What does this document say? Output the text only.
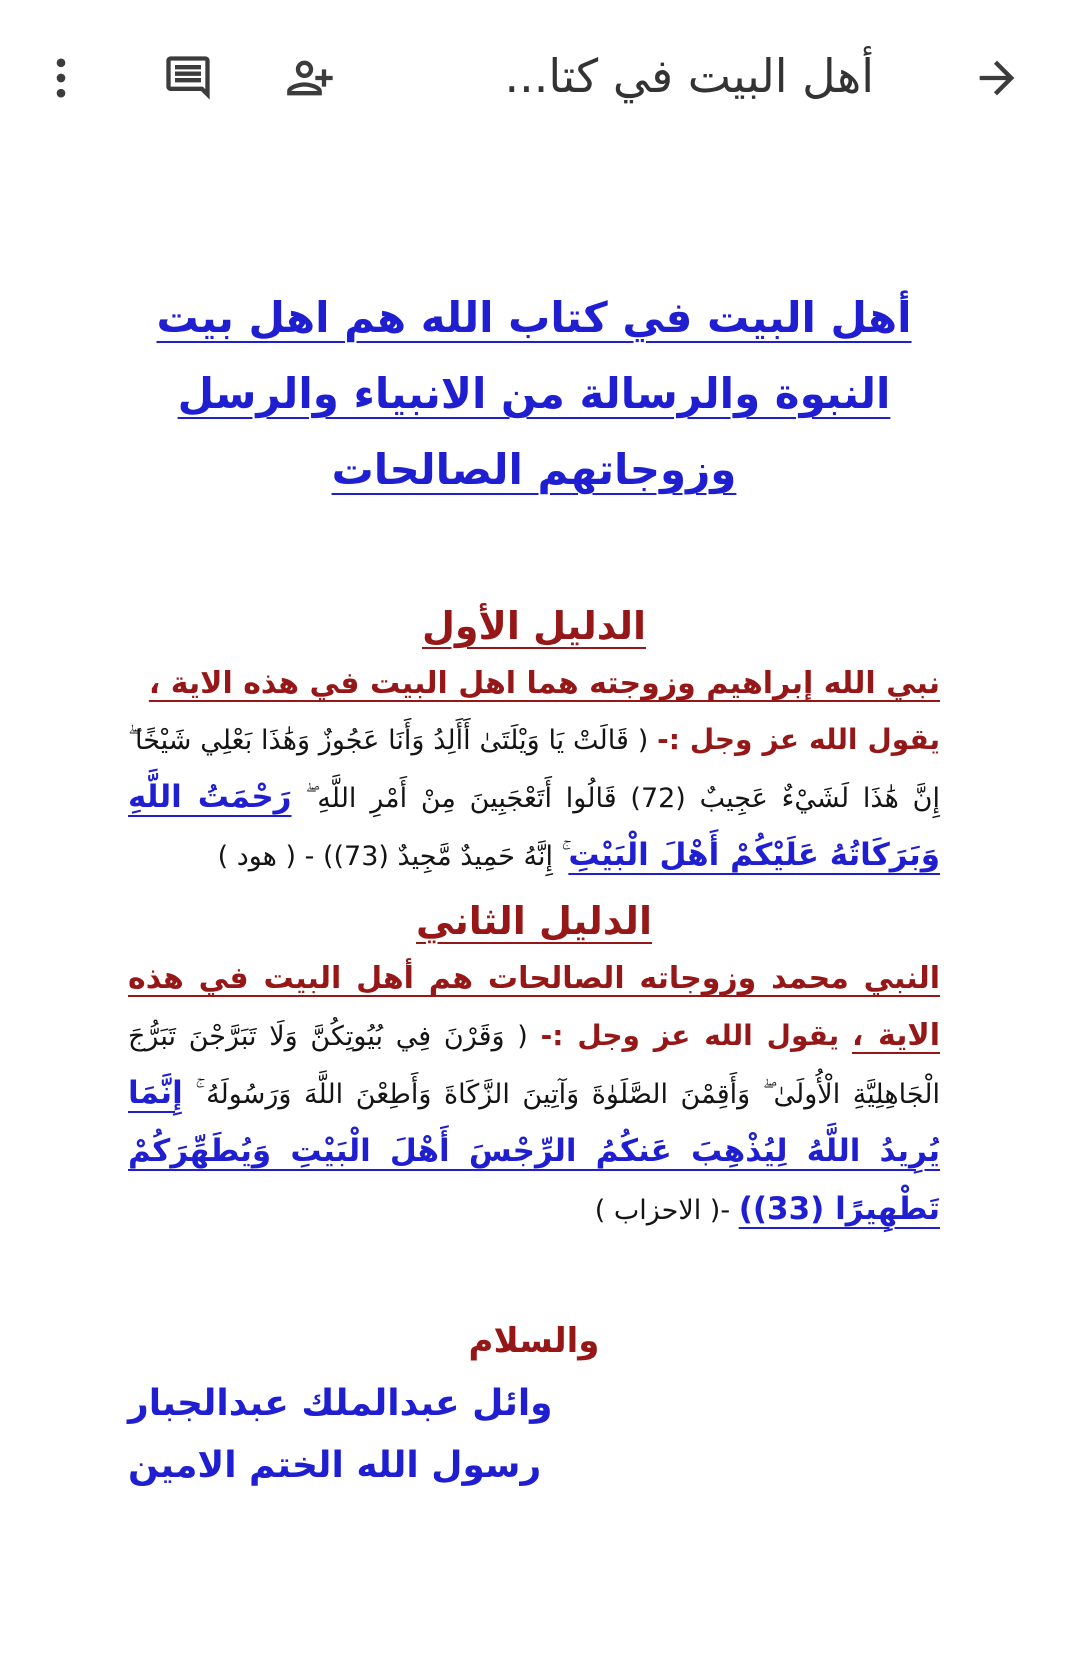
أهل البيت في كتا...
أهل البيت في كتاب الله هم اهل بيت النبوة والرسالة من الانبياء والرسل وزوجاتهم الصالحات
الدليل الأول

نبي الله إبراهيم وزوجته هما اهل البيت في هذه الاية ،

يقول الله عز وجل :- ( قَالَتْ يَا وَيْلَتَىٰ أَأَلِدُ وَأَنَا عَجُوزٌ وَهَٰذَا بَعْلِي شَيْخًا ۖ إِنَّ هَٰذَا لَشَيْءٌ عَجِيبٌ (72) قَالُوا أَتَعْجَبِينَ مِنْ أَمْرِ اللَّهِ ۖ رَحْمَتُ اللَّهِ وَبَرَكَاتُهُ عَلَيْكُمْ أَهْلَ الْبَيْتِ ۚ إِنَّهُ حَمِيدٌ مَّجِيدٌ (73)) - ( هود )

الدليل الثاني

النبي محمد وزوجاته الصالحات هم أهل البيت في هذه الاية ، يقول الله عز وجل :- ( وَقَرْنَ فِي بُيُوتِكُنَّ وَلَا تَبَرَّجْنَ تَبَرُّجَ الْجَاهِلِيَّةِ الْأُولَىٰ ۖ وَأَقِمْنَ الصَّلَوٰةَ وَآتِينَ الزَّكَاةَ وَأَطِعْنَ اللَّهَ وَرَسُولَهُ ۚ إِنَّمَا يُرِيدُ اللَّهُ لِيُذْهِبَ عَنكُمُ الرِّجْسَ أَهْلَ الْبَيْتِ وَيُطَهِّرَكُمْ تَطْهِيرًا (33)) -( الاحزاب )

والسلام

وائل عبدالملك عبدالجبار

رسول الله الختم الامين
